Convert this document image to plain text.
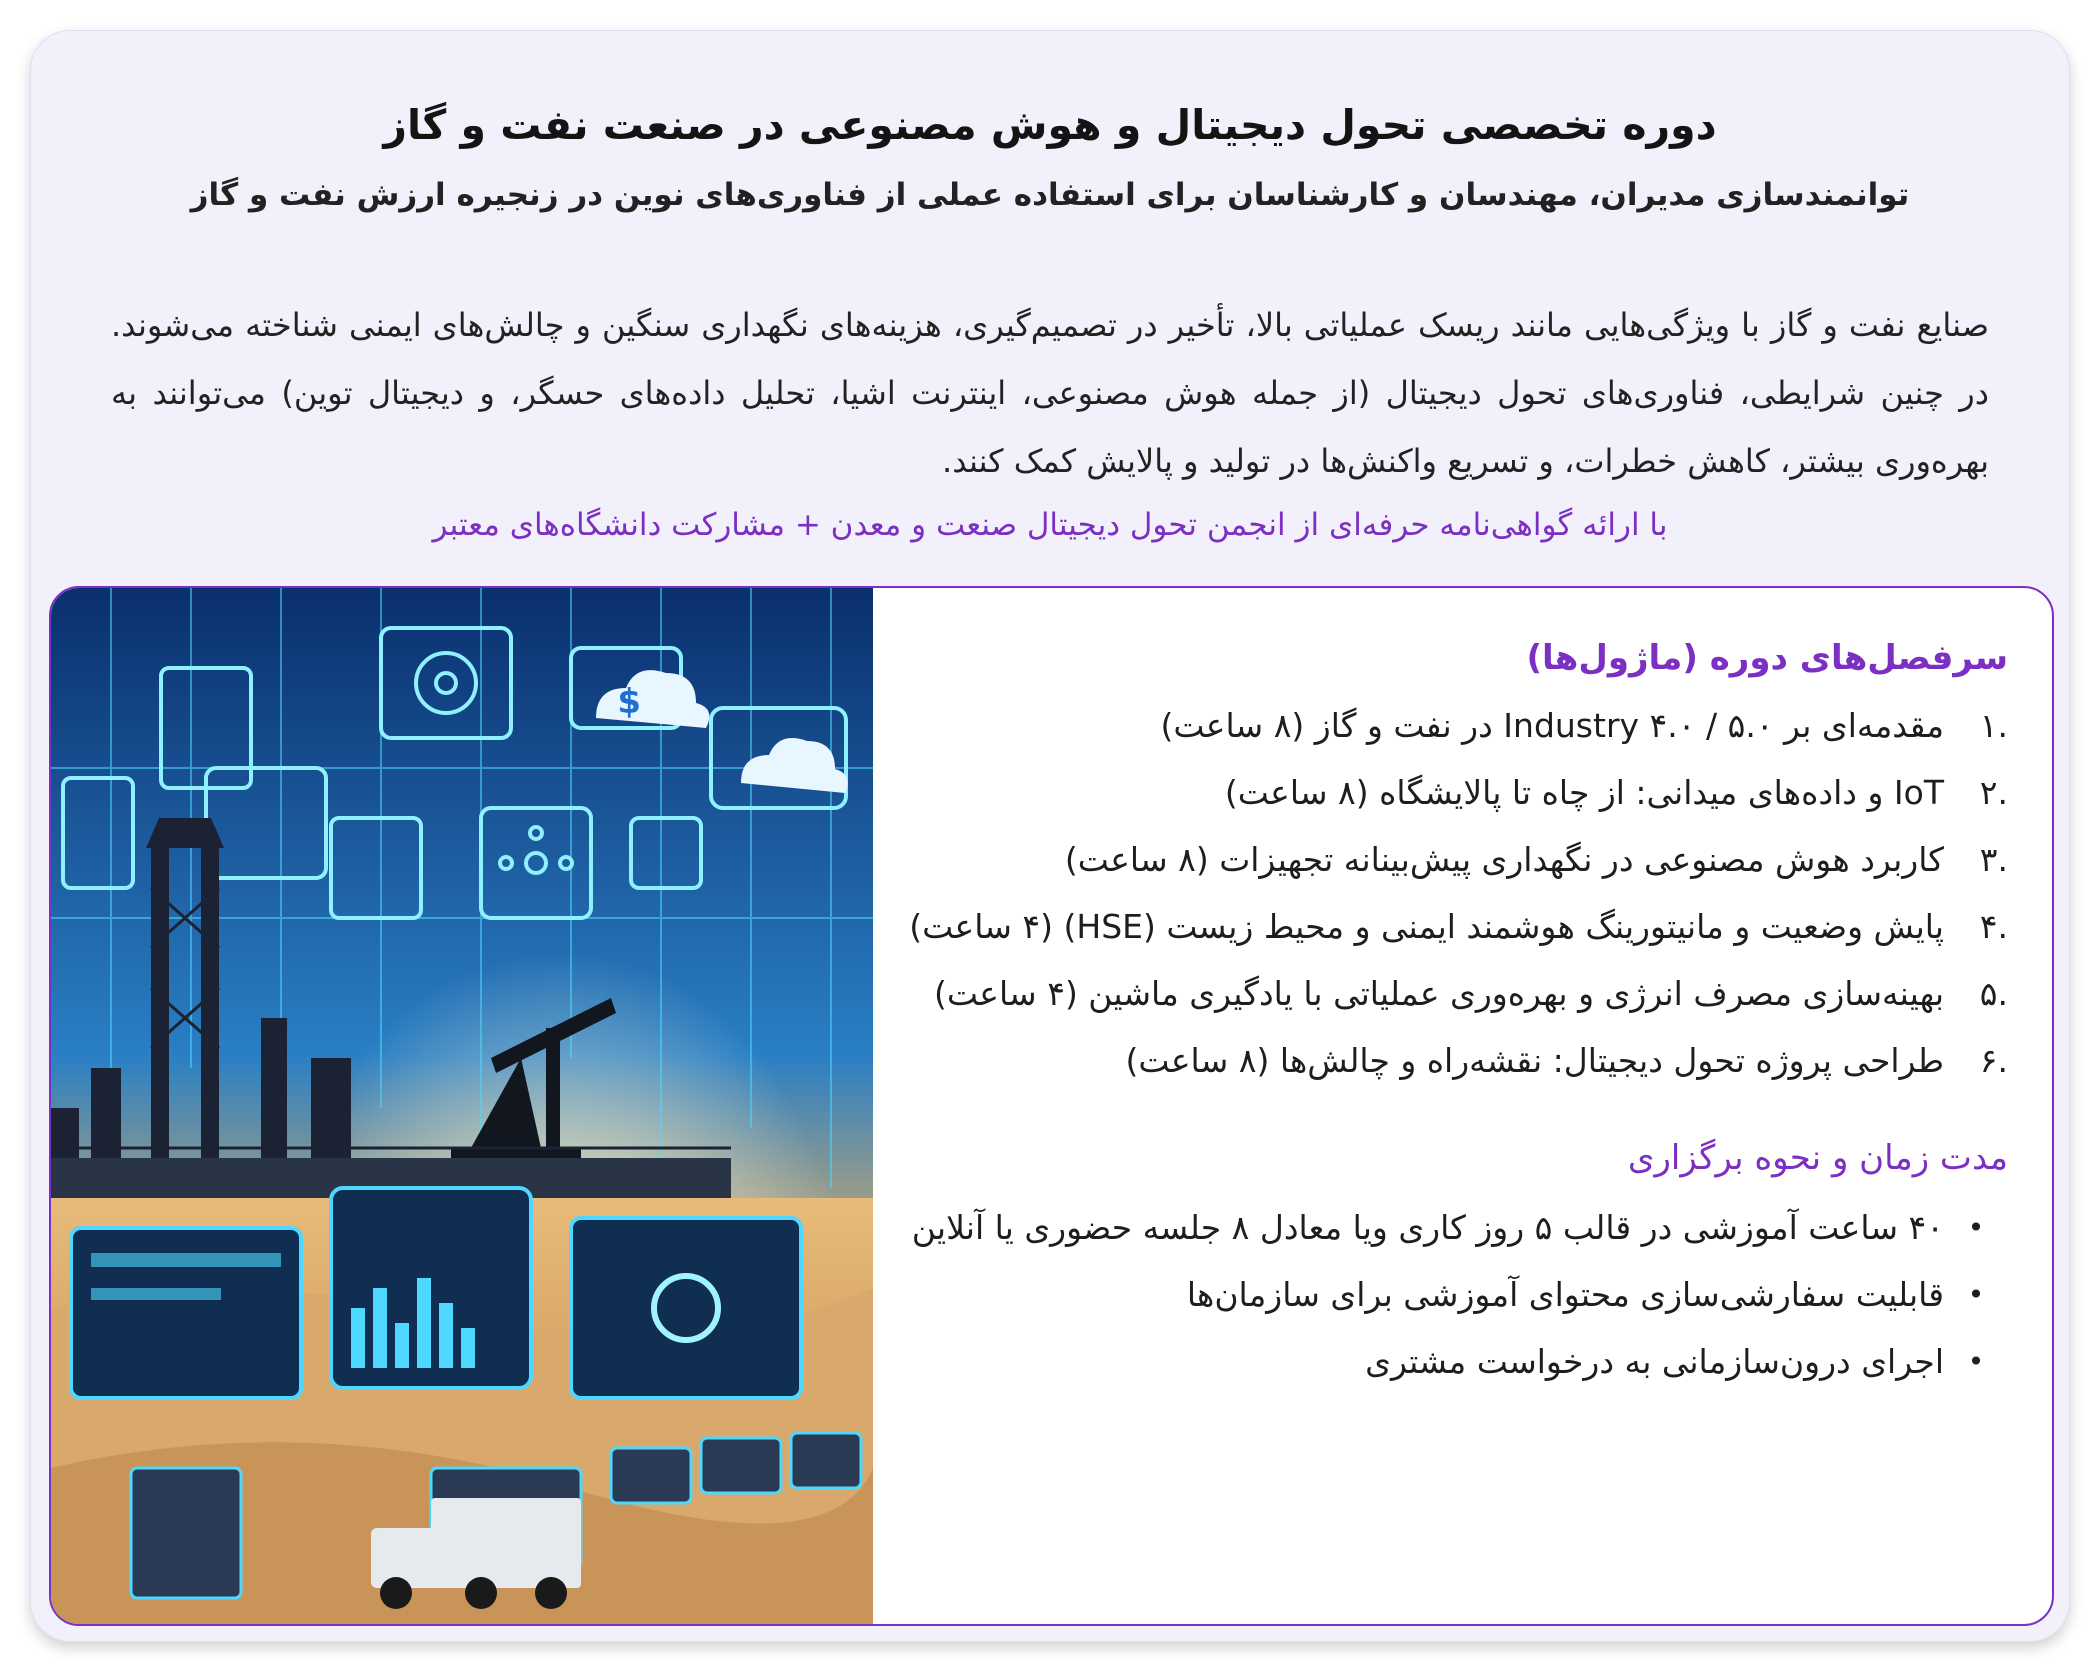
دوره تخصصی تحول دیجیتال و هوش مصنوعی در صنعت نفت و گاز
توانمندسازی مدیران، مهندسان و کارشناسان برای استفاده عملی از فناوری‌های نوین در زنجیره ارزش نفت و گاز
صنایع نفت و گاز با ویژگی‌هایی مانند ریسک عملیاتی بالا، تأخیر در تصمیم‌گیری، هزینه‌های نگهداری سنگین و چالش‌های ایمنی شناخته می‌شوند. در چنین شرایطی، فناوری‌های تحول دیجیتال (از جمله هوش مصنوعی، اینترنت اشیا، تحلیل داده‌های حسگر، و دیجیتال توین) می‌توانند به بهره‌وری بیشتر، کاهش خطرات، و تسریع واکنش‌ها در تولید و پالایش کمک کنند.
با ارائه گواهی‌نامه حرفه‌ای از انجمن تحول دیجیتال صنعت و معدن + مشارکت دانشگاه‌های معتبر
سرفصل‌های دوره (ماژول‌ها)
.۱
مقدمه‌ای بر ۵.۰ / ۴.۰ Industry در نفت و گاز (۸ ساعت)
.۲
IoT و داده‌های میدانی: از چاه تا پالایشگاه (۸ ساعت)
.۳
کاربرد هوش مصنوعی در نگهداری پیش‌بینانه تجهیزات (۸ ساعت)
.۴
پایش وضعیت و مانیتورینگ هوشمند ایمنی و محیط زیست (HSE) (۴ ساعت)
.۵
بهینه‌سازی مصرف انرژی و بهره‌وری عملیاتی با یادگیری ماشین (۴ ساعت)
.۶
طراحی پروژه تحول دیجیتال: نقشه‌راه و چالش‌ها (۸ ساعت)
مدت زمان و نحوه برگزاری
•
۴۰ ساعت آموزشی در قالب ۵ روز کاری ویا معادل ۸ جلسه حضوری یا آنلاین
•
قابلیت سفارشی‌سازی محتوای آموزشی برای سازمان‌ها
•
اجرای درون‌سازمانی به درخواست مشتری
$
